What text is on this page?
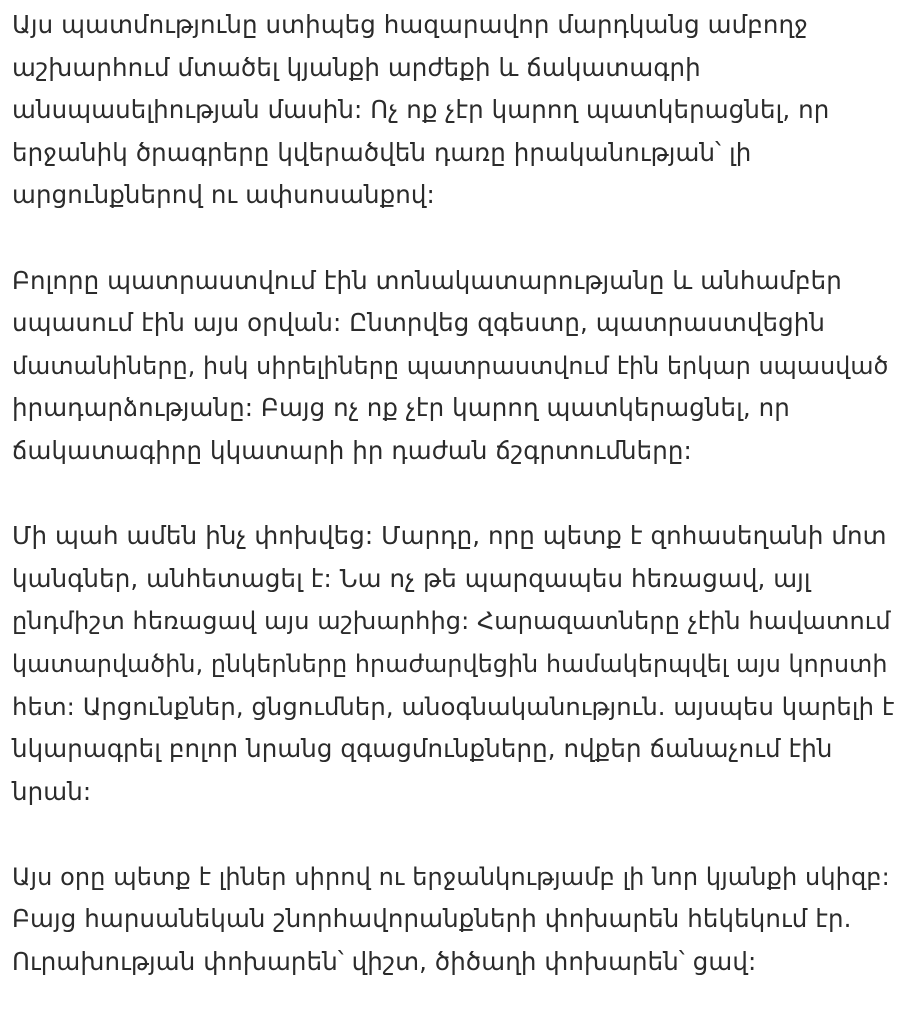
Այս պատմությունը ստիպեց հազարավոր մարդկանց ամբողջ
աշխարհում մտածել կյանքի արժեքի և ճակատագրի
անսպասելիության մասին: Ոչ ոք չէր կարող պատկերացնել, որ
երջանիկ ծրագրերը կվերածվեն դառը իրականության՝ լի
արցունքներով ու ափսոսանքով:

Բոլորը պատրաստվում էին տոնակատարությանը և անհամբեր
սպասում էին այս օրվան: Ընտրվեց զգեստը, պատրաստվեցին
մատանիները, իսկ սիրելիները պատրաստվում էին երկար սպասված
իրադարձությանը: Բայց ոչ ոք չէր կարող պատկերացնել, որ
ճակատագիրը կկատարի իր դաժան ճշգրտումները:

Մի պահ ամեն ինչ փոխվեց: Մարդը, որը պետք է զոհասեղանի մոտ
կանգներ, անհետացել է: Նա ոչ թե պարզապես հեռացավ, այլ
ընդմիշտ հեռացավ այս աշխարհից: Հարազատները չէին հավատում
կատարվածին, ընկերները հրաժարվեցին համակերպվել այս կորստի
հետ: Արցունքներ, ցնցումներ, անօգնականություն. այսպես կարելի է
նկարագրել բոլոր նրանց զգացմունքները, ովքեր ճանաչում էին
նրան:

Այս օրը պետք է լիներ սիրով ու երջանկությամբ լի նոր կյանքի սկիզբ:
Բայց հարսանեկան շնորհավորանքների փոխարեն հեկեկում էր.
Ուրախության փոխարեն՝ վիշտ, ծիծաղի փոխարեն՝ ցավ:
